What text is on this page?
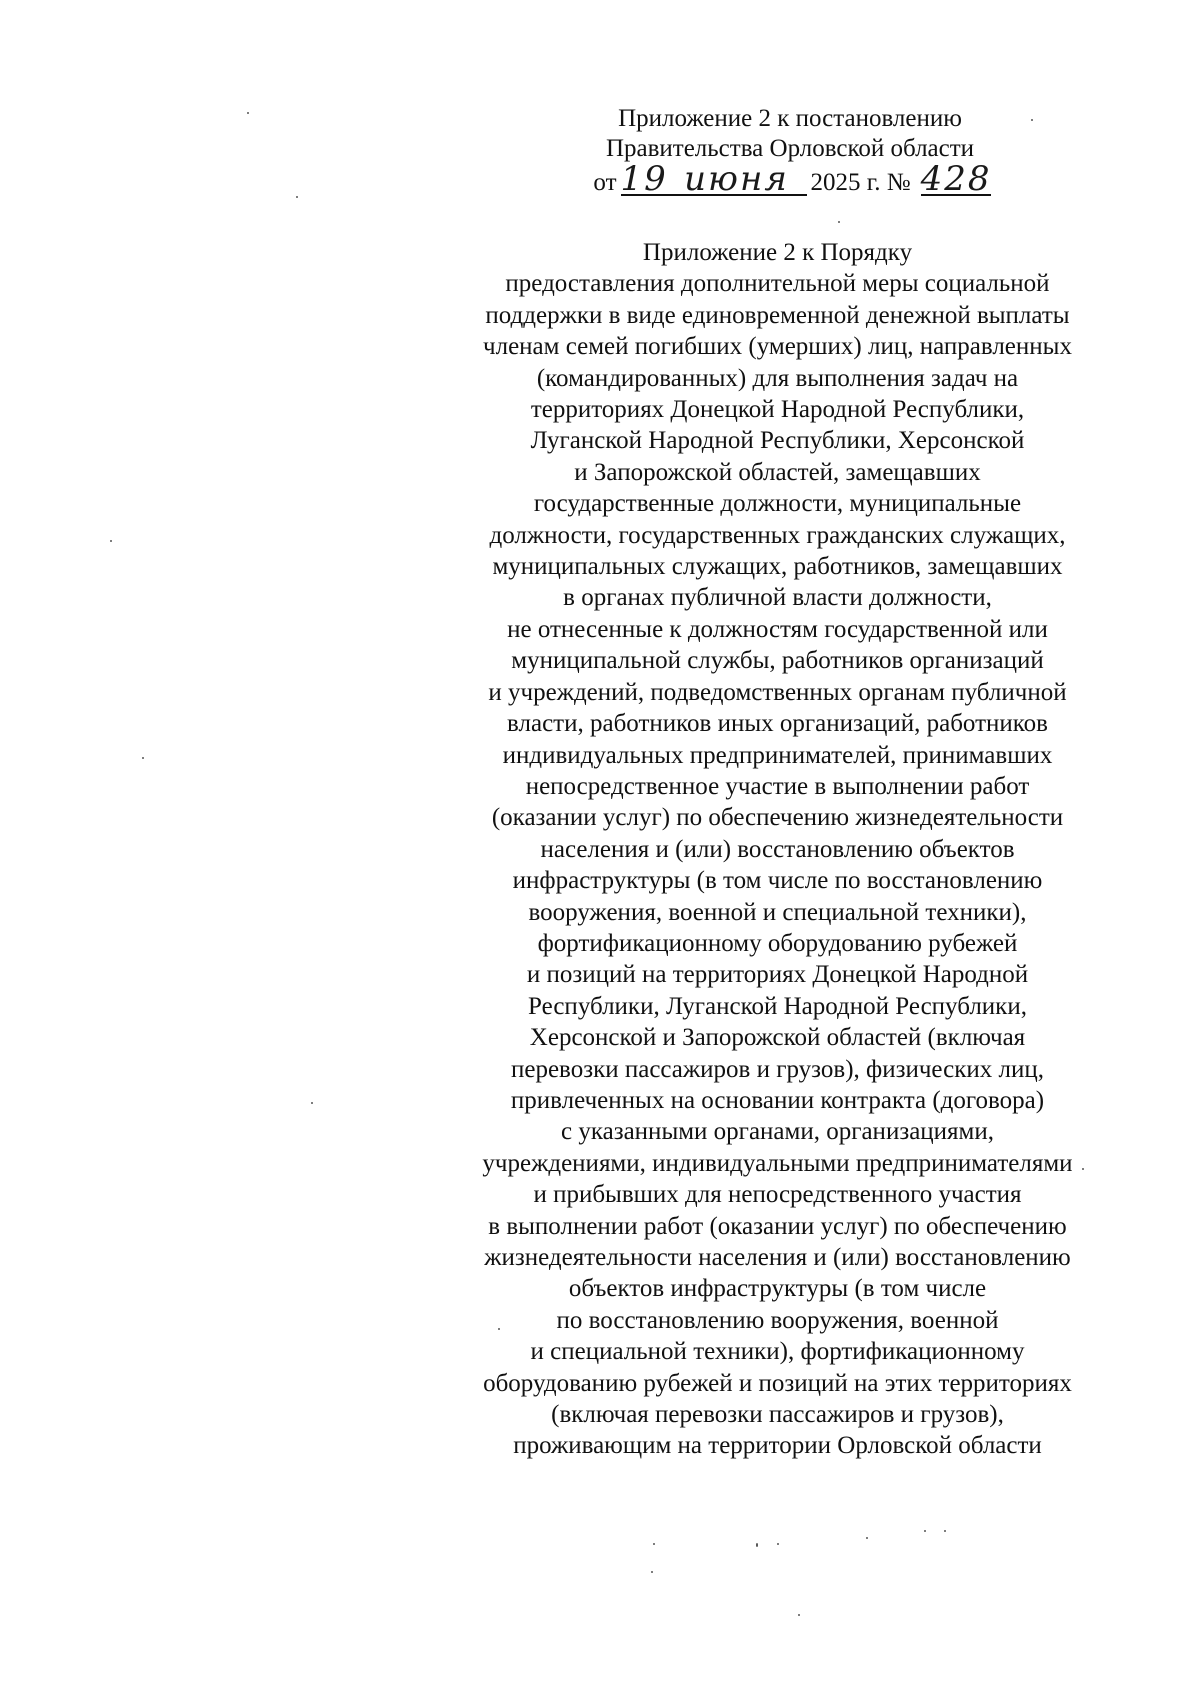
Приложение 2 к постановлению
Правительства Орловской области
от 19 июня 2025 г. № 428
Приложение 2 к Порядку
предоставления дополнительной меры социальной
поддержки в виде единовременной денежной выплаты
членам семей погибших (умерших) лиц, направленных
(командированных) для выполнения задач на
территориях Донецкой Народной Республики,
Луганской Народной Республики, Херсонской
и Запорожской областей, замещавших
государственные должности, муниципальные
должности, государственных гражданских служащих,
муниципальных служащих, работников, замещавших
в органах публичной власти должности,
не отнесенные к должностям государственной или
муниципальной службы, работников организаций
и учреждений, подведомственных органам публичной
власти, работников иных организаций, работников
индивидуальных предпринимателей, принимавших
непосредственное участие в выполнении работ
(оказании услуг) по обеспечению жизнедеятельности
населения и (или) восстановлению объектов
инфраструктуры (в том числе по восстановлению
вооружения, военной и специальной техники),
фортификационному оборудованию рубежей
и позиций на территориях Донецкой Народной
Республики, Луганской Народной Республики,
Херсонской и Запорожской областей (включая
перевозки пассажиров и грузов), физических лиц,
привлеченных на основании контракта (договора)
с указанными органами, организациями,
учреждениями, индивидуальными предпринимателями
и прибывших для непосредственного участия
в выполнении работ (оказании услуг) по обеспечению
жизнедеятельности населения и (или) восстановлению
объектов инфраструктуры (в том числе
по восстановлению вооружения, военной
и специальной техники), фортификационному
оборудованию рубежей и позиций на этих территориях
(включая перевозки пассажиров и грузов),
проживающим на территории Орловской области
